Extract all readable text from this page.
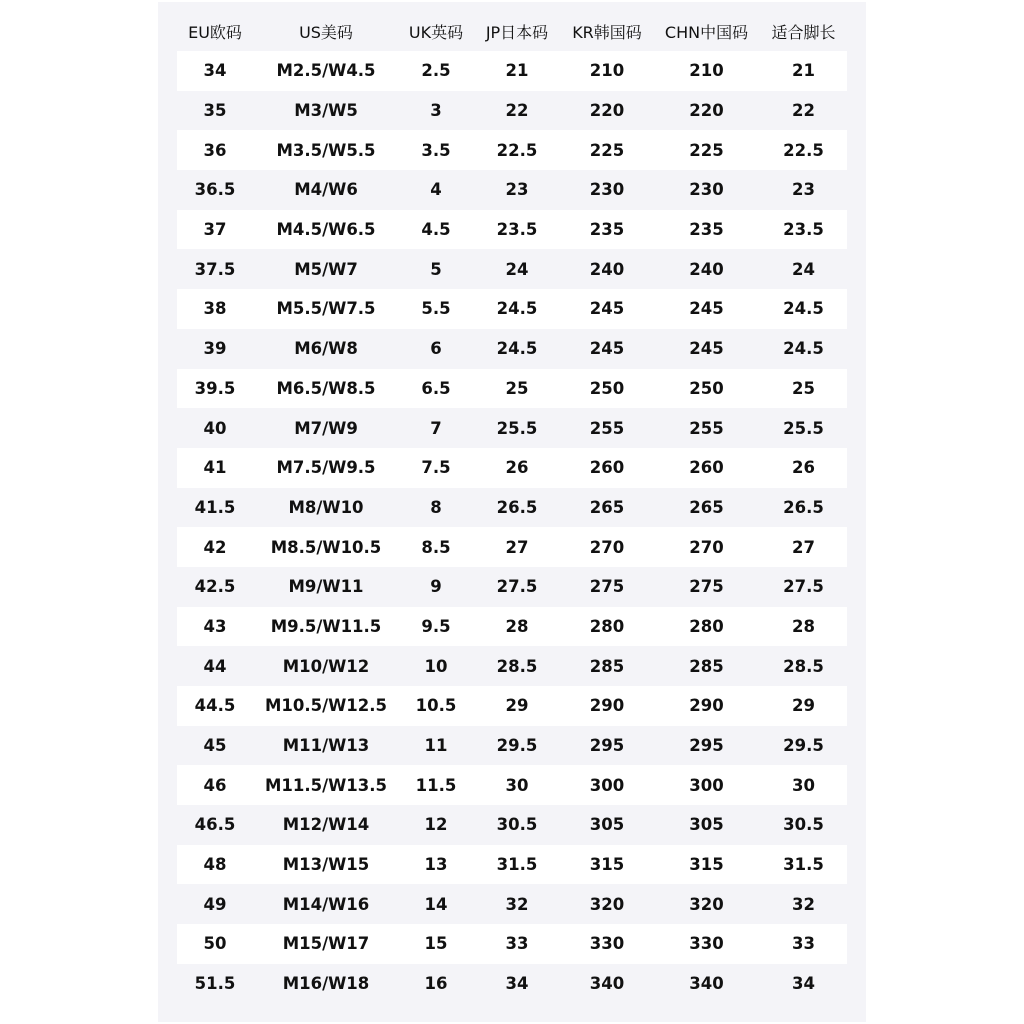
EU欧码	US美码	UK英码	JP日本码	KR韩国码	CHN中国码	适合脚长
34	M2.5/W4.5	2.5	21	210	210	21
35	M3/W5	3	22	220	220	22
36	M3.5/W5.5	3.5	22.5	225	225	22.5
36.5	M4/W6	4	23	230	230	23
37	M4.5/W6.5	4.5	23.5	235	235	23.5
37.5	M5/W7	5	24	240	240	24
38	M5.5/W7.5	5.5	24.5	245	245	24.5
39	M6/W8	6	24.5	245	245	24.5
39.5	M6.5/W8.5	6.5	25	250	250	25
40	M7/W9	7	25.5	255	255	25.5
41	M7.5/W9.5	7.5	26	260	260	26
41.5	M8/W10	8	26.5	265	265	26.5
42	M8.5/W10.5	8.5	27	270	270	27
42.5	M9/W11	9	27.5	275	275	27.5
43	M9.5/W11.5	9.5	28	280	280	28
44	M10/W12	10	28.5	285	285	28.5
44.5	M10.5/W12.5	10.5	29	290	290	29
45	M11/W13	11	29.5	295	295	29.5
46	M11.5/W13.5	11.5	30	300	300	30
46.5	M12/W14	12	30.5	305	305	30.5
48	M13/W15	13	31.5	315	315	31.5
49	M14/W16	14	32	320	320	32
50	M15/W17	15	33	330	330	33
51.5	M16/W18	16	34	340	340	34
